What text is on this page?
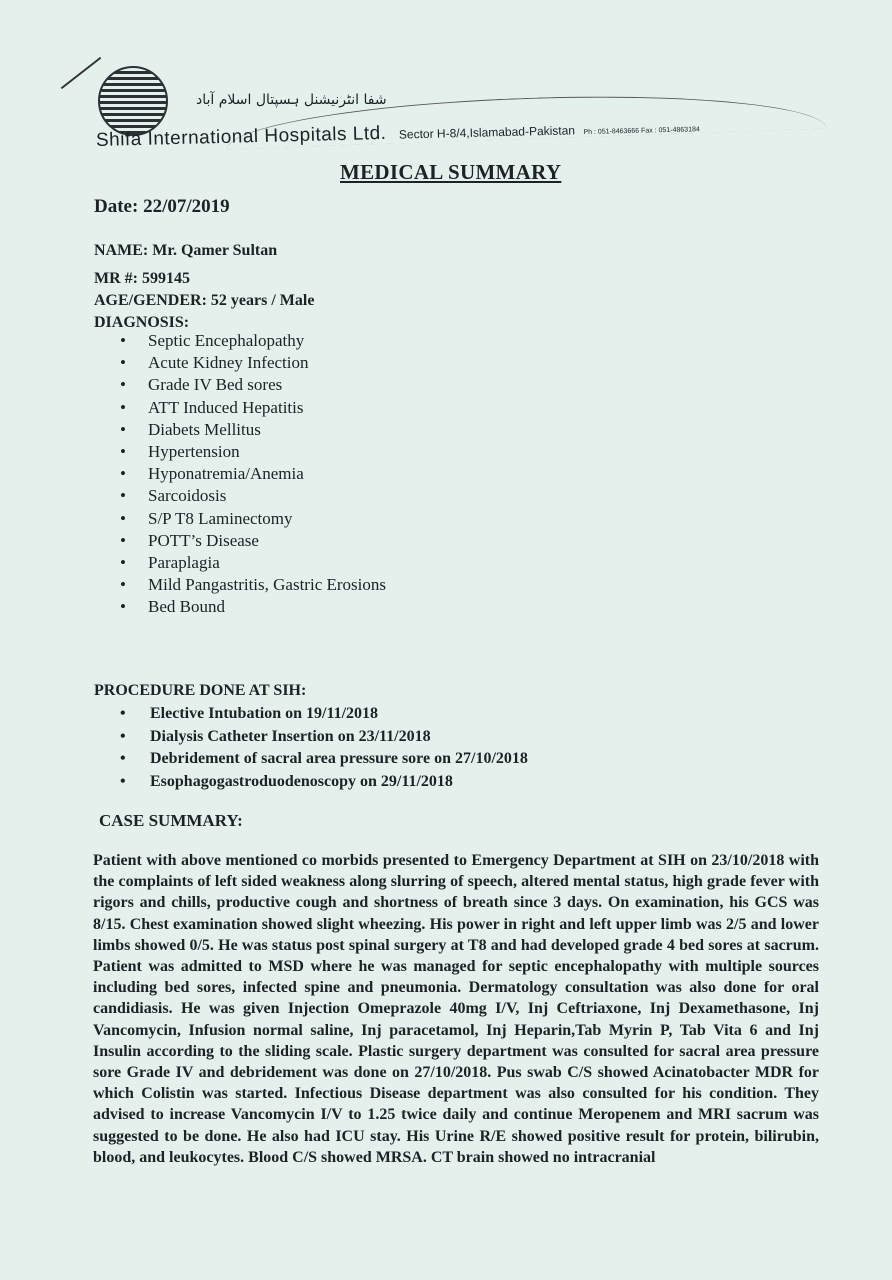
شفا انٹرنیشنل ہسپتال اسلام آباد
Shifa International Hospitals Ltd. Sector H-8/4,Islamabad-Pakistan Ph : 051-8463666 Fax : 051-4863184
MEDICAL SUMMARY
Date: 22/07/2019
NAME: Mr. Qamer Sultan
MR #: 599145
AGE/GENDER: 52 years / Male
DIAGNOSIS:
• Septic Encephalopathy
• Acute Kidney Infection
• Grade IV Bed sores
• ATT Induced Hepatitis
• Diabets Mellitus
• Hypertension
• Hyponatremia/Anemia
• Sarcoidosis
• S/P T8 Laminectomy
• POTT’s Disease
• Paraplagia
• Mild Pangastritis, Gastric Erosions
• Bed Bound
PROCEDURE DONE AT SIH:
• Elective Intubation on 19/11/2018
• Dialysis Catheter Insertion on 23/11/2018
• Debridement of sacral area pressure sore on 27/10/2018
• Esophagogastroduodenoscopy on 29/11/2018
CASE SUMMARY:
Patient with above mentioned co morbids presented to Emergency Department at SIH on 23/10/2018 with the complaints of left sided weakness along slurring of speech, altered mental status, high grade fever with rigors and chills, productive cough and shortness of breath since 3 days. On examination, his GCS was 8/15. Chest examination showed slight wheezing. His power in right and left upper limb was 2/5 and lower limbs showed 0/5. He was status post spinal surgery at T8 and had developed grade 4 bed sores at sacrum. Patient was admitted to MSD where he was managed for septic encephalopathy with multiple sources including bed sores, infected spine and pneumonia. Dermatology consultation was also done for oral candidiasis. He was given Injection Omeprazole 40mg I/V, Inj Ceftriaxone, Inj Dexamethasone, Inj Vancomycin, Infusion normal saline, Inj paracetamol, Inj Heparin,Tab Myrin P, Tab Vita 6 and Inj Insulin according to the sliding scale. Plastic surgery department was consulted for sacral area pressure sore Grade IV and debridement was done on 27/10/2018. Pus swab C/S showed Acinatobacter MDR for which Colistin was started. Infectious Disease department was also consulted for his condition. They advised to increase Vancomycin I/V to 1.25 twice daily and continue Meropenem and MRI sacrum was suggested to be done. He also had ICU stay. His Urine R/E showed positive result for protein, bilirubin, blood, and leukocytes. Blood C/S showed MRSA. CT brain showed no intracranial
